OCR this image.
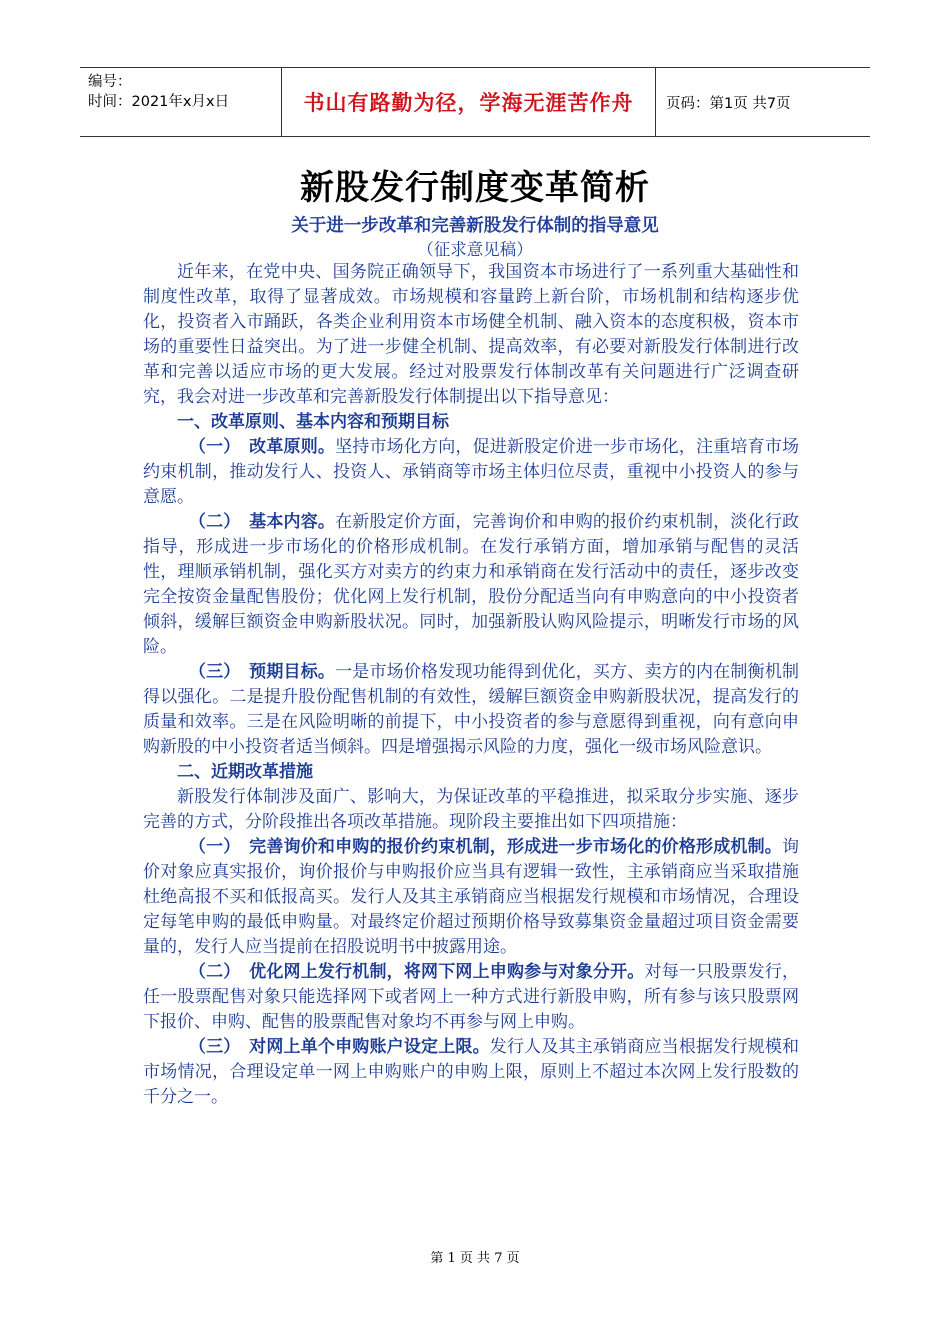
编号：
时间：2021年x月x日	书山有路勤为径，学海无涯苦作舟	页码：第1页 共7页
新股发行制度变革简析
关于进一步改革和完善新股发行体制的指导意见
（征求意见稿）

近年来，在党中央、国务院正确领导下，我国资本市场进行了一系列重大基础性和制度性改革，取得了显著成效。市场规模和容量跨上新台阶，市场机制和结构逐步优化，投资者入市踊跃，各类企业利用资本市场健全机制、融入资本的态度积极，资本市场的重要性日益突出。为了进一步健全机制、提高效率，有必要对新股发行体制进行改革和完善以适应市场的更大发展。经过对股票发行体制改革有关问题进行广泛调查研究，我会对进一步改革和完善新股发行体制提出以下指导意见：

一、改革原则、基本内容和预期目标

（一）　改革原则。坚持市场化方向，促进新股定价进一步市场化，注重培育市场约束机制，推动发行人、投资人、承销商等市场主体归位尽责，重视中小投资人的参与意愿。

（二）　基本内容。在新股定价方面，完善询价和申购的报价约束机制，淡化行政指导，形成进一步市场化的价格形成机制。在发行承销方面，增加承销与配售的灵活性，理顺承销机制，强化买方对卖方的约束力和承销商在发行活动中的责任，逐步改变完全按资金量配售股份；优化网上发行机制，股份分配适当向有申购意向的中小投资者倾斜，缓解巨额资金申购新股状况。同时，加强新股认购风险提示，明晰发行市场的风险。

（三）　预期目标。一是市场价格发现功能得到优化，买方、卖方的内在制衡机制得以强化。二是提升股份配售机制的有效性，缓解巨额资金申购新股状况，提高发行的质量和效率。三是在风险明晰的前提下，中小投资者的参与意愿得到重视，向有意向申购新股的中小投资者适当倾斜。四是增强揭示风险的力度，强化一级市场风险意识。

二、近期改革措施

新股发行体制涉及面广、影响大，为保证改革的平稳推进，拟采取分步实施、逐步完善的方式，分阶段推出各项改革措施。现阶段主要推出如下四项措施：

（一）　完善询价和申购的报价约束机制，形成进一步市场化的价格形成机制。询价对象应真实报价，询价报价与申购报价应当具有逻辑一致性，主承销商应当采取措施杜绝高报不买和低报高买。发行人及其主承销商应当根据发行规模和市场情况，合理设定每笔申购的最低申购量。对最终定价超过预期价格导致募集资金量超过项目资金需要量的，发行人应当提前在招股说明书中披露用途。

（二）　优化网上发行机制，将网下网上申购参与对象分开。对每一只股票发行，任一股票配售对象只能选择网下或者网上一种方式进行新股申购，所有参与该只股票网下报价、申购、配售的股票配售对象均不再参与网上申购。

（三）　对网上单个申购账户设定上限。发行人及其主承销商应当根据发行规模和市场情况，合理设定单一网上申购账户的申购上限，原则上不超过本次网上发行股数的千分之一。

第 1 页 共 7 页
